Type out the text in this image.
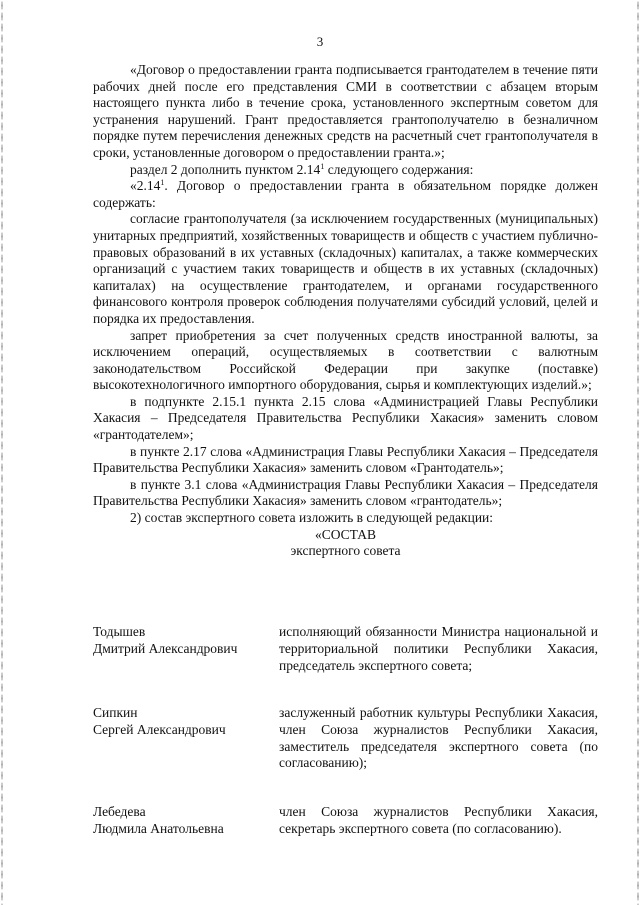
3

«Договор о предоставлении гранта подписывается грантодателем в течение пяти рабочих дней после его представления СМИ в соответствии с абзацем вторым настоящего пункта либо в течение срока, установленного экспертным советом для устранения нарушений. Грант предоставляется грантополучателю в безналичном порядке путем перечисления денежных средств на расчетный счет грантополучателя в сроки, установленные договором о предоставлении гранта.»;

раздел 2 дополнить пунктом 2.14$^1$ следующего содержания:

«2.14$^1$. Договор о предоставлении гранта в обязательном порядке должен содержать:

согласие грантополучателя (за исключением государственных (муниципальных) унитарных предприятий, хозяйственных товариществ и обществ с участием публично-правовых образований в их уставных (складочных) капиталах, а также коммерческих организаций с участием таких товариществ и обществ в их уставных (складочных) капиталах) на осуществление грантодателем, и органами государственного финансового контроля проверок соблюдения получателями субсидий условий, целей и порядка их предоставления.

запрет приобретения за счет полученных средств иностранной валюты, за исключением операций, осуществляемых в соответствии с валютным законодательством Российской Федерации при закупке (поставке) высокотехнологичного импортного оборудования, сырья и комплектующих изделий.»;

в подпункте 2.15.1 пункта 2.15 слова «Администрацией Главы Республики Хакасия – Председателя Правительства Республики Хакасия» заменить словом «грантодателем»;

в пункте 2.17 слова «Администрация Главы Республики Хакасия – Председателя Правительства Республики Хакасия» заменить словом «Грантодатель»;

в пункте 3.1 слова «Администрация Главы Республики Хакасия – Председателя Правительства Республики Хакасия» заменить словом «грантодатель»;

2) состав экспертного совета изложить в следующей редакции:

«СОСТАВ
экспертного совета
Тодышев
Дмитрий Александрович
исполняющий обязанности Министра национальной и территориальной политики Республики Хакасия, председатель экспертного совета;
Сипкин
Сергей Александрович
заслуженный работник культуры Республики Хакасия, член Союза журналистов Республики Хакасия, заместитель председателя экспертного совета (по согласованию);
Лебедева
Людмила Анатольевна
член Союза журналистов Республики Хакасия, секретарь экспертного совета (по согласованию).
